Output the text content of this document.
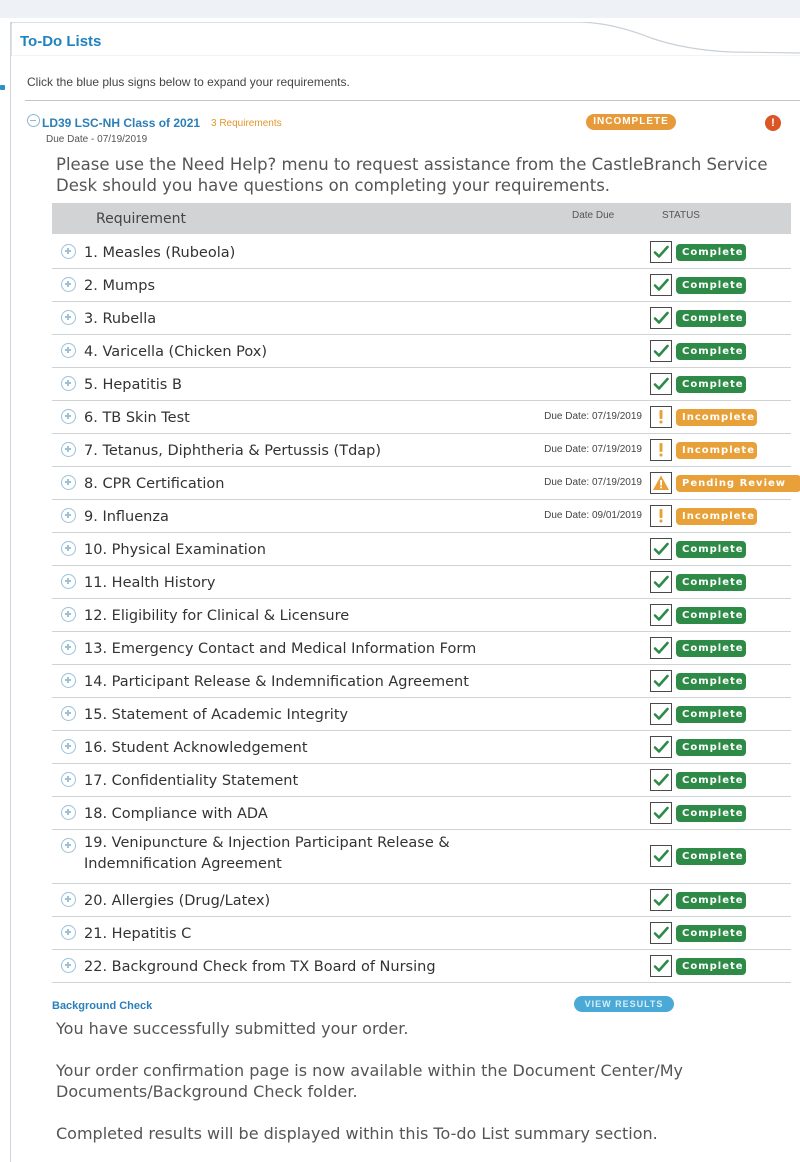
To-Do Lists
Click the blue plus signs below to expand your requirements.
LD39 LSC-NH Class of 2021 3 Requirements
Due Date - 07/19/2019
INCOMPLETE	!
Please use the Need Help? menu to request assistance from the CastleBranch Service Desk should you have questions on completing your requirements.
Requirement	Date Due	STATUS
1. Measles (Rubeola)	Complete
2. Mumps	Complete
3. Rubella	Complete
4. Varicella (Chicken Pox)	Complete
5. Hepatitis B	Complete
6. TB Skin Test	Due Date: 07/19/2019	Incomplete
7. Tetanus, Diphtheria & Pertussis (Tdap)	Due Date: 07/19/2019	Incomplete
8. CPR Certification	Due Date: 07/19/2019	Pending Review
9. Influenza	Due Date: 09/01/2019	Incomplete
10. Physical Examination	Complete
11. Health History	Complete
12. Eligibility for Clinical & Licensure	Complete
13. Emergency Contact and Medical Information Form	Complete
14. Participant Release & Indemnification Agreement	Complete
15. Statement of Academic Integrity	Complete
16. Student Acknowledgement	Complete
17. Confidentiality Statement	Complete
18. Compliance with ADA	Complete
19. Venipuncture & Injection Participant Release & Indemnification Agreement	Complete
20. Allergies (Drug/Latex)	Complete
21. Hepatitis C	Complete
22. Background Check from TX Board of Nursing	Complete
Background Check	VIEW RESULTS
You have successfully submitted your order.
Your order confirmation page is now available within the Document Center/My Documents/Background Check folder.
Completed results will be displayed within this To-do List summary section.
